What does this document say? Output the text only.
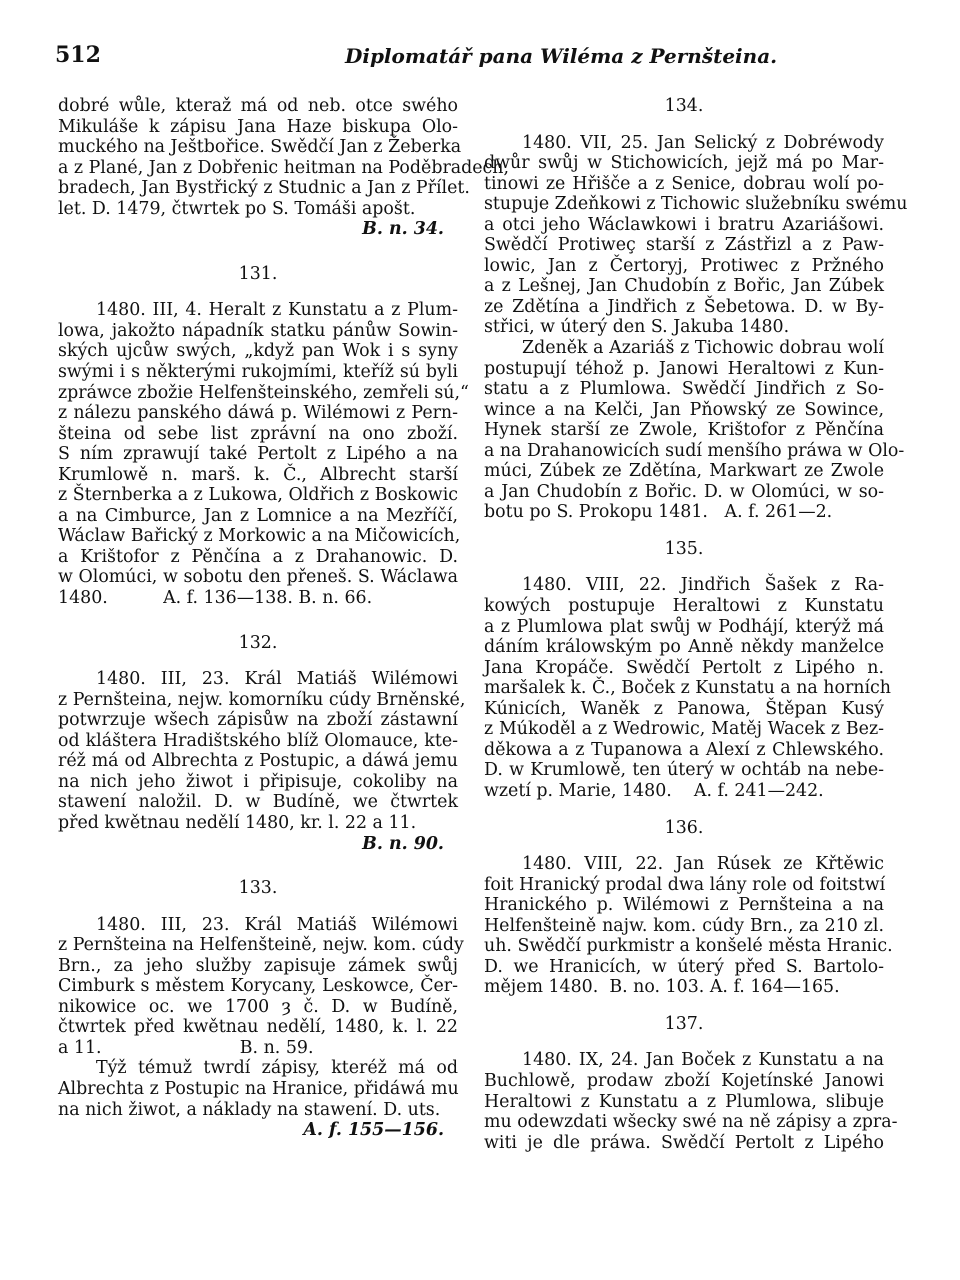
512	Diplomatář pana Wiléma z Pernšteina.
dobré wůle, kteraž má od neb. otce swého
Mikuláše k zápisu Jana Haze biskupa Olo-
muckého na Ještbořice. Swědčí Jan z Žeberka
a z Plané, Jan z Dobřenic heitman na Poděbradech,
bradech, Jan Bystřický z Studnic a Jan z Přílet.
let. D. 1479, čtwrtek po S. Tomáši apošt.
B. n. 34.
131.
1480. III, 4. Heralt z Kunstatu a z Plum-
lowa, jakožto nápadník statku pánůw Sowin-
ských ujcůw swých, „když pan Wok i s syny
swými i s některými rukojmími, kteříž sú byli
zpráwce zbožie Helfenšteinského, zemřeli sú,“
z nálezu panského dáwá p. Wilémowi z Pern-
šteina od sebe list zprávní na ono zboží.
S ním zprawují také Pertolt z Lipého a na
Krumlowě n. marš. k. Č., Albrecht starší
z Šternberka a z Lukowa, Oldřich z Boskowic
a na Cimburce, Jan z Lomnice a na Mezříčí,
Wáclaw Bařický z Morkowic a na Mičowicích,
a Krištofor z Pěnčína a z Drahanowic. D.
w Olomúci, w sobotu den přeneš. S. Wáclawa
1480.          A. f. 136—138. B. n. 66.
132.
1480. III, 23. Král Matiáš Wilémowi
z Pernšteina, nejw. komorníku cúdy Brněnské,
potwrzuje wšech zápisůw na zboží zástawní
od kláštera Hradištského blíž Olomauce, kte-
réž má od Albrechta z Postupic, a dáwá jemu
na nich jeho žiwot i připisuje, cokoliby na
stawení naložil. D. w Budíně, we čtwrtek
před kwětnau nedělí 1480, kr. l. 22 a 11.
B. n. 90.
133.
1480. III, 23. Král Matiáš Wilémowi
z Pernšteina na Helfenšteině, nejw. kom. cúdy
Brn., za jeho služby zapisuje zámek swůj
Cimburk s městem Korycany, Leskowce, Čer-
nikowice oc. we 1700 ȝ č. D. w Budíně,
čtwrtek před kwětnau nedělí, 1480, k. l. 22
a 11.                         B. n. 59.
Týž témuž twrdí zápisy, kteréž má od
Albrechta z Postupic na Hranice, přidáwá mu
na nich žiwot, a náklady na stawení. D. uts.
A. f. 155—156.
134.
1480. VII, 25. Jan Selický z Dobréwody
dwůr swůj w Stichowicích, jejž má po Mar-
tinowi ze Hřišče a z Senice, dobrau wolí po-
stupuje Zdeňkowi z Tichowic služebníku swému
a otci jeho Wáclawkowi i bratru Azariášowi.
Swědčí Protiweç starší z Zástřizl a z Paw-
lowic, Jan z Čertoryj, Protiwec z Pržného
a z Lešnej, Jan Chudobín z Bořic, Jan Zúbek
ze Zdětína a Jindřich z Šebetowa. D. w By-
střici, w úterý den S. Jakuba 1480.
Zdeněk a Azariáš z Tichowic dobrau wolí
postupují téhož p. Janowi Heraltowi z Kun-
statu a z Plumlowa. Swědčí Jindřich z So-
wince a na Kelči, Jan Pňowský ze Sowince,
Hynek starší ze Zwole, Krištofor z Pěnčína
a na Drahanowicích sudí menšího práwa w Olo-
múci, Zúbek ze Zdětína, Markwart ze Zwole
a Jan Chudobín z Bořic. D. w Olomúci, w so-
botu po S. Prokopu 1481.   A. f. 261—2.
135.
1480. VIII, 22. Jindřich Šašek z Ra-
kowých postupuje Heraltowi z Kunstatu
a z Plumlowa plat swůj w Podhájí, kterýž má
dáním králowským po Anně někdy manželce
Jana Kropáče. Swědčí Pertolt z Lipého n.
maršalek k. Č., Boček z Kunstatu a na horních
Kúnicích, Waněk z Panowa, Štěpan Kusý
z Múkoděl a z Wedrowic, Matěj Wacek z Bez-
děkowa a z Tupanowa a Alexí z Chlewského.
D. w Krumlowě, ten úterý w ochtáb na nebe-
wzetí p. Marie, 1480.    A. f. 241—242.
136.
1480. VIII, 22. Jan Rúsek ze Křtěwic
foit Hranický prodal dwa lány role od foitstwí
Hranického p. Wilémowi z Pernšteina a na
Helfenšteině najw. kom. cúdy Brn., za 210 zl.
uh. Swědčí purkmistr a konšelé města Hranic.
D. we Hranicích, w úterý před S. Bartolo-
mějem 1480.  B. no. 103. A. f. 164—165.
137.
1480. IX, 24. Jan Boček z Kunstatu a na
Buchlowě, prodaw zboží Kojetínské Janowi
Heraltowi z Kunstatu a z Plumlowa, slibuje
mu odewzdati wšecky swé na ně zápisy a zpra-
witi je dle práwa. Swědčí Pertolt z Lipého
